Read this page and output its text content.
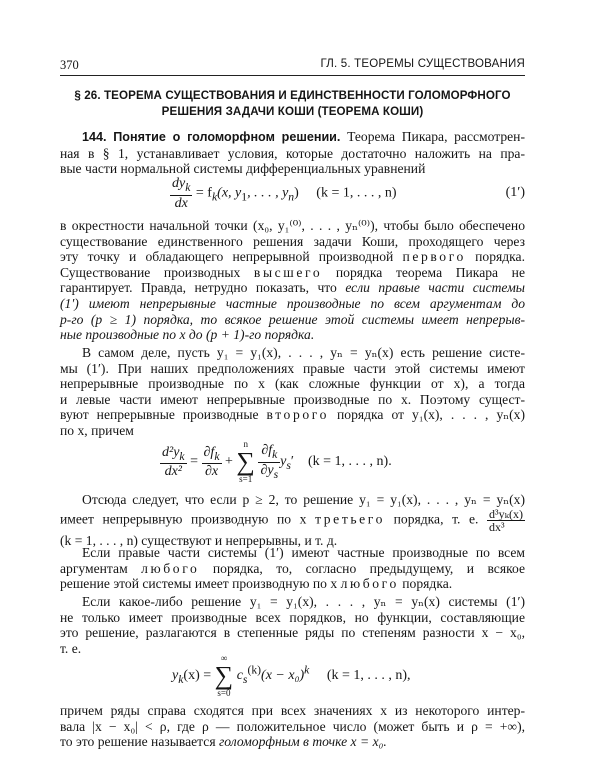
370	ГЛ. 5. ТЕОРЕМЫ СУЩЕСТВОВАНИЯ
§ 26. ТЕОРЕМА СУЩЕСТВОВАНИЯ И ЕДИНСТВЕННОСТИ ГОЛОМОРФНОГО
РЕШЕНИЯ ЗАДАЧИ КОШИ (ТЕОРЕМА КОШИ)
144. Понятие о голоморфном решении. Теорема Пикара, рассмотрен-
ная в § 1, устанавливает условия, которые достаточно наложить на пра-
вые части нормальной системы дифференциальных уравнений
$\frac{dy_k}{dx} = f_k(x$, $y_1$, . . . , $y_n$) (k = 1, . . . , n)	(1′)
в окрестности начальной точки (x₀, y₁⁽⁰⁾, . . . , yₙ⁽⁰⁾), чтобы было обеспечено
существование единственного решения задачи Коши, проходящего через
эту точку и обладающего непрерывной производной первого порядка.
Существование производных высшего порядка теорема Пикара не
гарантирует. Правда, нетрудно показать, что если правые части системы
(1′) имеют непрерывные частные производные по всем аргументам до
p-го (p ≥ 1) порядка, то всякое решение этой системы имеет непрерыв-
ные производные по x до (p + 1)-го порядка.
В самом деле, пусть y₁ = y₁(x), . . . , yₙ = yₙ(x) есть решение систе-
мы (1′). При наших предположениях правые части этой системы имеют
непрерывные производные по x (как сложные функции от x), а тогда
и левые части имеют непрерывные производные по x. Поэтому сущест-
вуют непрерывные производные второго порядка от y₁(x), . . . , yₙ(x)
по x, причем
$\frac{d^2y_k}{\text{dx²}} = \frac{\partial f_k}{\partial x}$ +
n
∑
s=1
$\frac{\partial f_k}{\partial y_s} y_s'$ (k = 1, . . . , n).
Отсюда следует, что если p ≥ 2, то решение y₁ = y₁(x), . . . , yₙ = yₙ(x)
имеет непрерывную производную по x третьего порядка, т. е. $\frac{\text{d³yₖ(x)}}{\text{dx³}}$
(k = 1, . . . , n) существуют и непрерывны, и т. д.
Если правые части системы (1′) имеют частные производные по всем
аргументам любого порядка, то, согласно предыдущему, и всякое
решение этой системы имеет производную по x любого порядка.
Если какое-либо решение y₁ = y₁(x), . . . , yₙ = yₙ(x) системы (1′)
не только имеет производные всех порядков, но функции, составляющие
это решение, разлагаются в степенные ряды по степеням разности x − x₀,
т. е.
$y_k(x)$ =
∞
∑
s=0
$c_s^{(k)}(x - x_0)^k$ (k = 1, . . . , n),
причем ряды справа сходятся при всех значениях x из некоторого интер-
вала |x − x₀| < ρ, где ρ — положительное число (может быть и ρ = +∞),
то это решение называется голоморфным в точке x = x₀.
